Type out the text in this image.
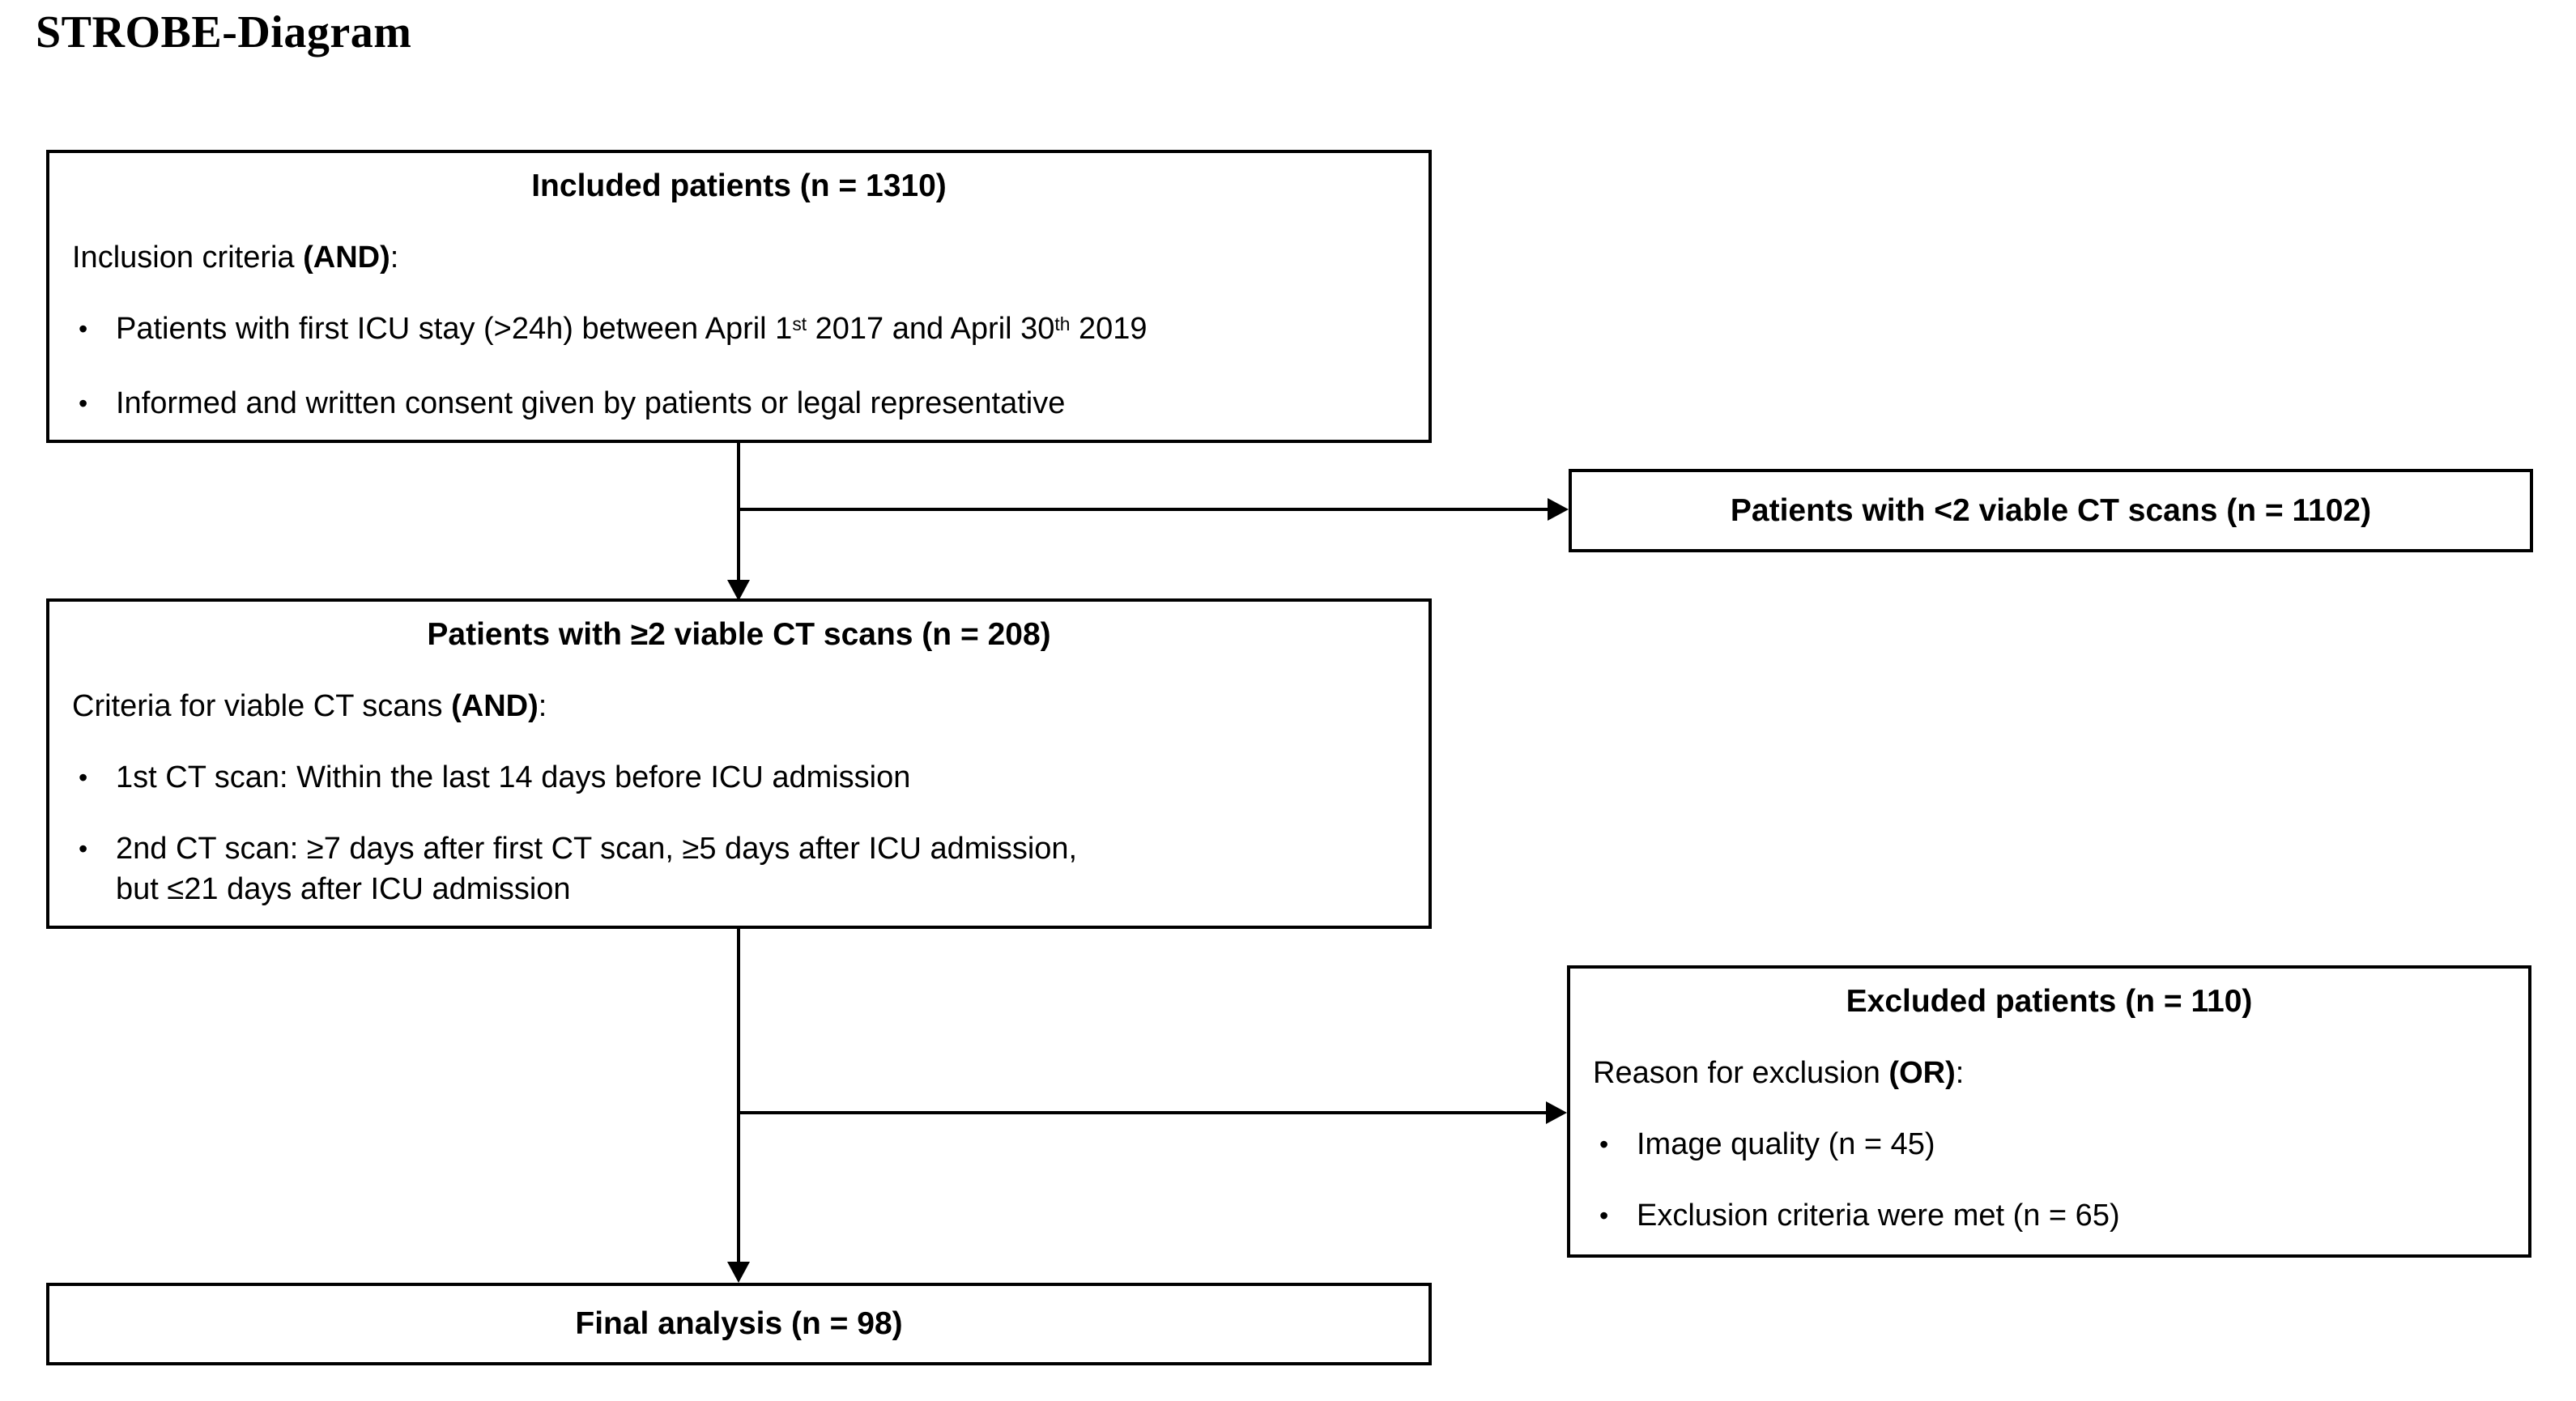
STROBE-Diagram
Included patients (n = 1310)
Inclusion criteria (AND):
• Patients with first ICU stay (>24h) between April 1st 2017 and April 30th 2019
• Informed and written consent given by patients or legal representative
Patients with <2 viable CT scans (n = 1102)
Patients with ≥2 viable CT scans (n = 208)
Criteria for viable CT scans (AND):
• 1st CT scan: Within the last 14 days before ICU admission
• 2nd CT scan: ≥7 days after first CT scan, ≥5 days after ICU admission,
but ≤21 days after ICU admission
Excluded patients (n = 110)
Reason for exclusion (OR):
• Image quality (n = 45)
• Exclusion criteria were met (n = 65)
Final analysis (n = 98)
